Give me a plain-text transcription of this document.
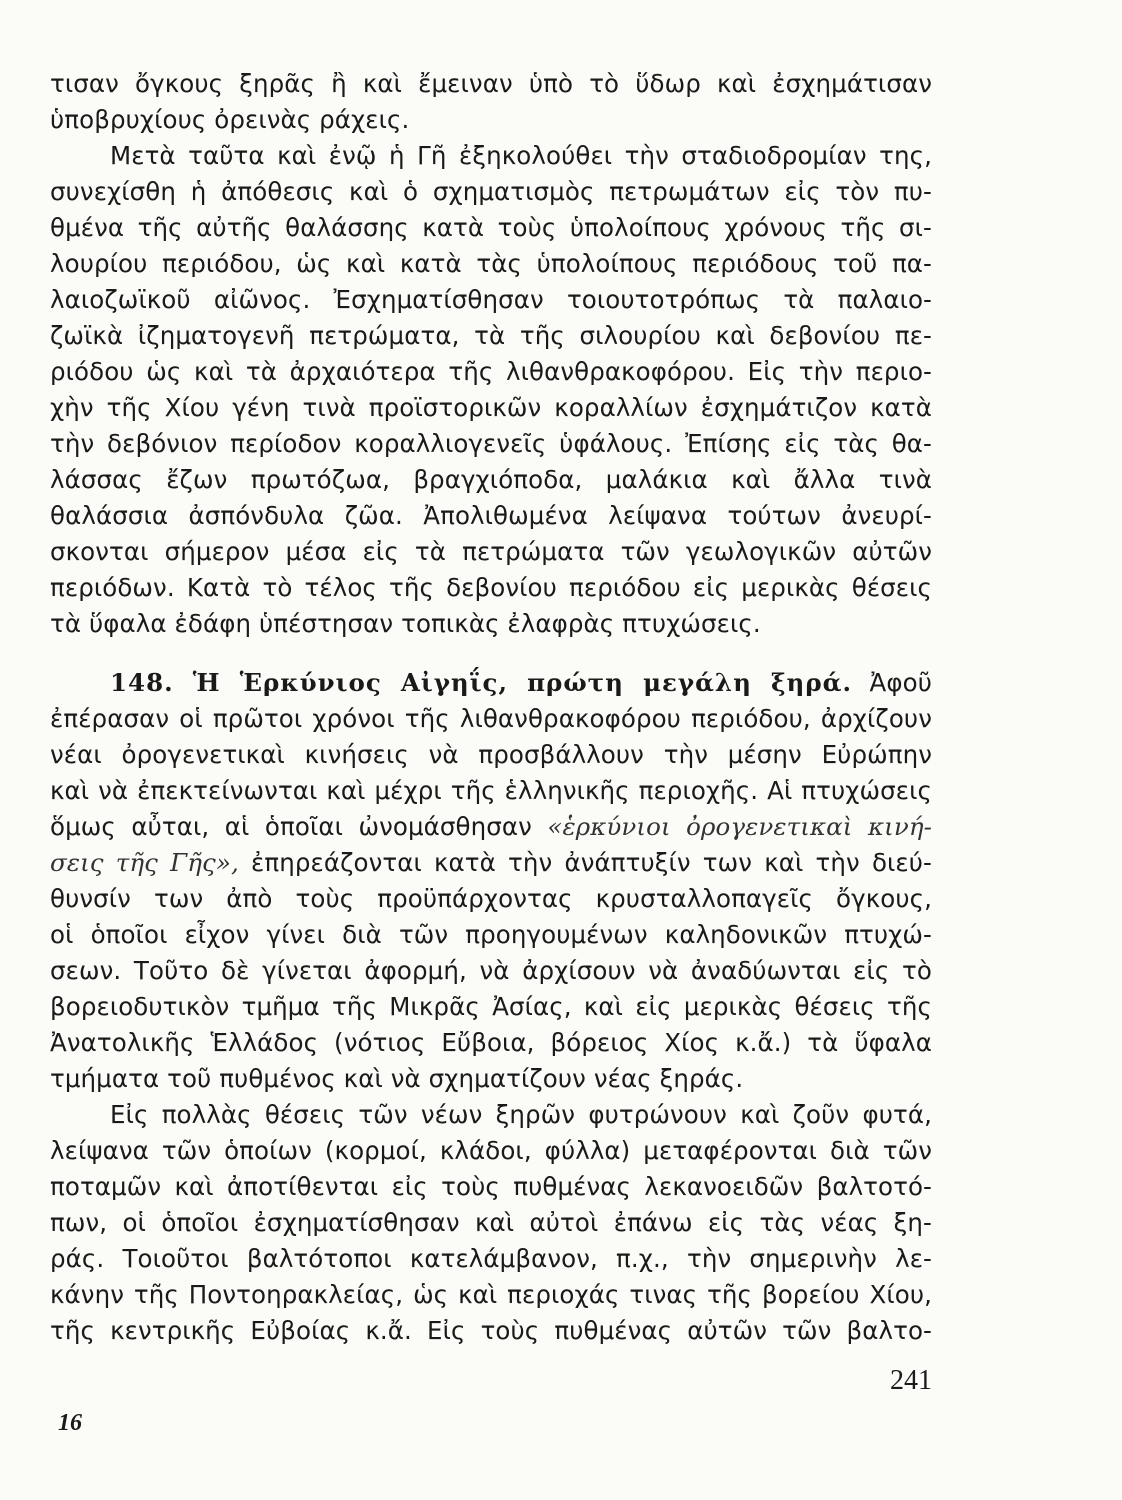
τισαν ὄγκους ξηρᾶς ἢ καὶ ἔμειναν ὑπὸ τὸ ὕδωρ καὶ ἐσχημάτισαν
ὑποβρυχίους ὀρεινὰς ράχεις.
Μετὰ ταῦτα καὶ ἐνῷ ἡ Γῆ ἐξηκολούθει τὴν σταδιοδρομίαν της,
συνεχίσθη ἡ ἀπόθεσις καὶ ὁ σχηματισμὸς πετρωμάτων εἰς τὸν πυ-
θμένα τῆς αὐτῆς θαλάσσης κατὰ τοὺς ὑπολοίπους χρόνους τῆς σι-
λουρίου περιόδου, ὡς καὶ κατὰ τὰς ὑπολοίπους περιόδους τοῦ πα-
λαιοζωϊκοῦ αἰῶνος. Ἐσχηματίσθησαν τοιουτοτρόπως τὰ παλαιο-
ζωϊκὰ ἰζηματογενῆ πετρώματα, τὰ τῆς σιλουρίου καὶ δεβονίου πε-
ριόδου ὡς καὶ τὰ ἀρχαιότερα τῆς λιθανθρακοφόρου. Εἰς τὴν περιο-
χὴν τῆς Χίου γένη τινὰ προϊστορικῶν κοραλλίων ἐσχημάτιζον κατὰ
τὴν δεβόνιον περίοδον κοραλλιογενεῖς ὑφάλους. Ἐπίσης εἰς τὰς θα-
λάσσας ἔζων πρωτόζωα, βραγχιόποδα, μαλάκια καὶ ἄλλα τινὰ
θαλάσσια ἀσπόνδυλα ζῶα. Ἀπολιθωμένα λείψανα τούτων ἀνευρί-
σκονται σήμερον μέσα εἰς τὰ πετρώματα τῶν γεωλογικῶν αὐτῶν
περιόδων. Κατὰ τὸ τέλος τῆς δεβονίου περιόδου εἰς μερικὰς θέσεις
τὰ ὕφαλα ἐδάφη ὑπέστησαν τοπικὰς ἐλαφρὰς πτυχώσεις.
148. Ἡ Ἑρκύνιος Αἰγηΐς, πρώτη μεγάλη ξηρά. Ἀφοῦ
ἐπέρασαν οἱ πρῶτοι χρόνοι τῆς λιθανθρακοφόρου περιόδου, ἀρχίζουν
νέαι ὀρογενετικαὶ κινήσεις νὰ προσβάλλουν τὴν μέσην Εὐρώπην
καὶ νὰ ἐπεκτείνωνται καὶ μέχρι τῆς ἑλληνικῆς περιοχῆς. Αἱ πτυχώσεις
ὅμως αὖται, αἱ ὁποῖαι ὠνομάσθησαν «ἑρκύνιοι ὀρογενετικαὶ κινή-
σεις τῆς Γῆς», ἐπηρεάζονται κατὰ τὴν ἀνάπτυξίν των καὶ τὴν διεύ-
θυνσίν των ἀπὸ τοὺς προϋπάρχοντας κρυσταλλοπαγεῖς ὄγκους,
οἱ ὁποῖοι εἶχον γίνει διὰ τῶν προηγουμένων καληδονικῶν πτυχώ-
σεων. Τοῦτο δὲ γίνεται ἀφορμή, νὰ ἀρχίσουν νὰ ἀναδύωνται εἰς τὸ
βορειοδυτικὸν τμῆμα τῆς Μικρᾶς Ἀσίας, καὶ εἰς μερικὰς θέσεις τῆς
Ἀνατολικῆς Ἑλλάδος (νότιος Εὔβοια, βόρειος Χίος κ.ἄ.) τὰ ὕφαλα
τμήματα τοῦ πυθμένος καὶ νὰ σχηματίζουν νέας ξηράς.
Εἰς πολλὰς θέσεις τῶν νέων ξηρῶν φυτρώνουν καὶ ζοῦν φυτά,
λείψανα τῶν ὁποίων (κορμοί, κλάδοι, φύλλα) μεταφέρονται διὰ τῶν
ποταμῶν καὶ ἀποτίθενται εἰς τοὺς πυθμένας λεκανοειδῶν βαλτοτό-
πων, οἱ ὁποῖοι ἐσχηματίσθησαν καὶ αὐτοὶ ἐπάνω εἰς τὰς νέας ξη-
ράς. Τοιοῦτοι βαλτότοποι κατελάμβανον, π.χ., τὴν σημερινὴν λε-
κάνην τῆς Ποντοηρακλείας, ὡς καὶ περιοχάς τινας τῆς βορείου Χίου,
τῆς κεντρικῆς Εὐβοίας κ.ἄ. Εἰς τοὺς πυθμένας αὐτῶν τῶν βαλτο-
241
16
